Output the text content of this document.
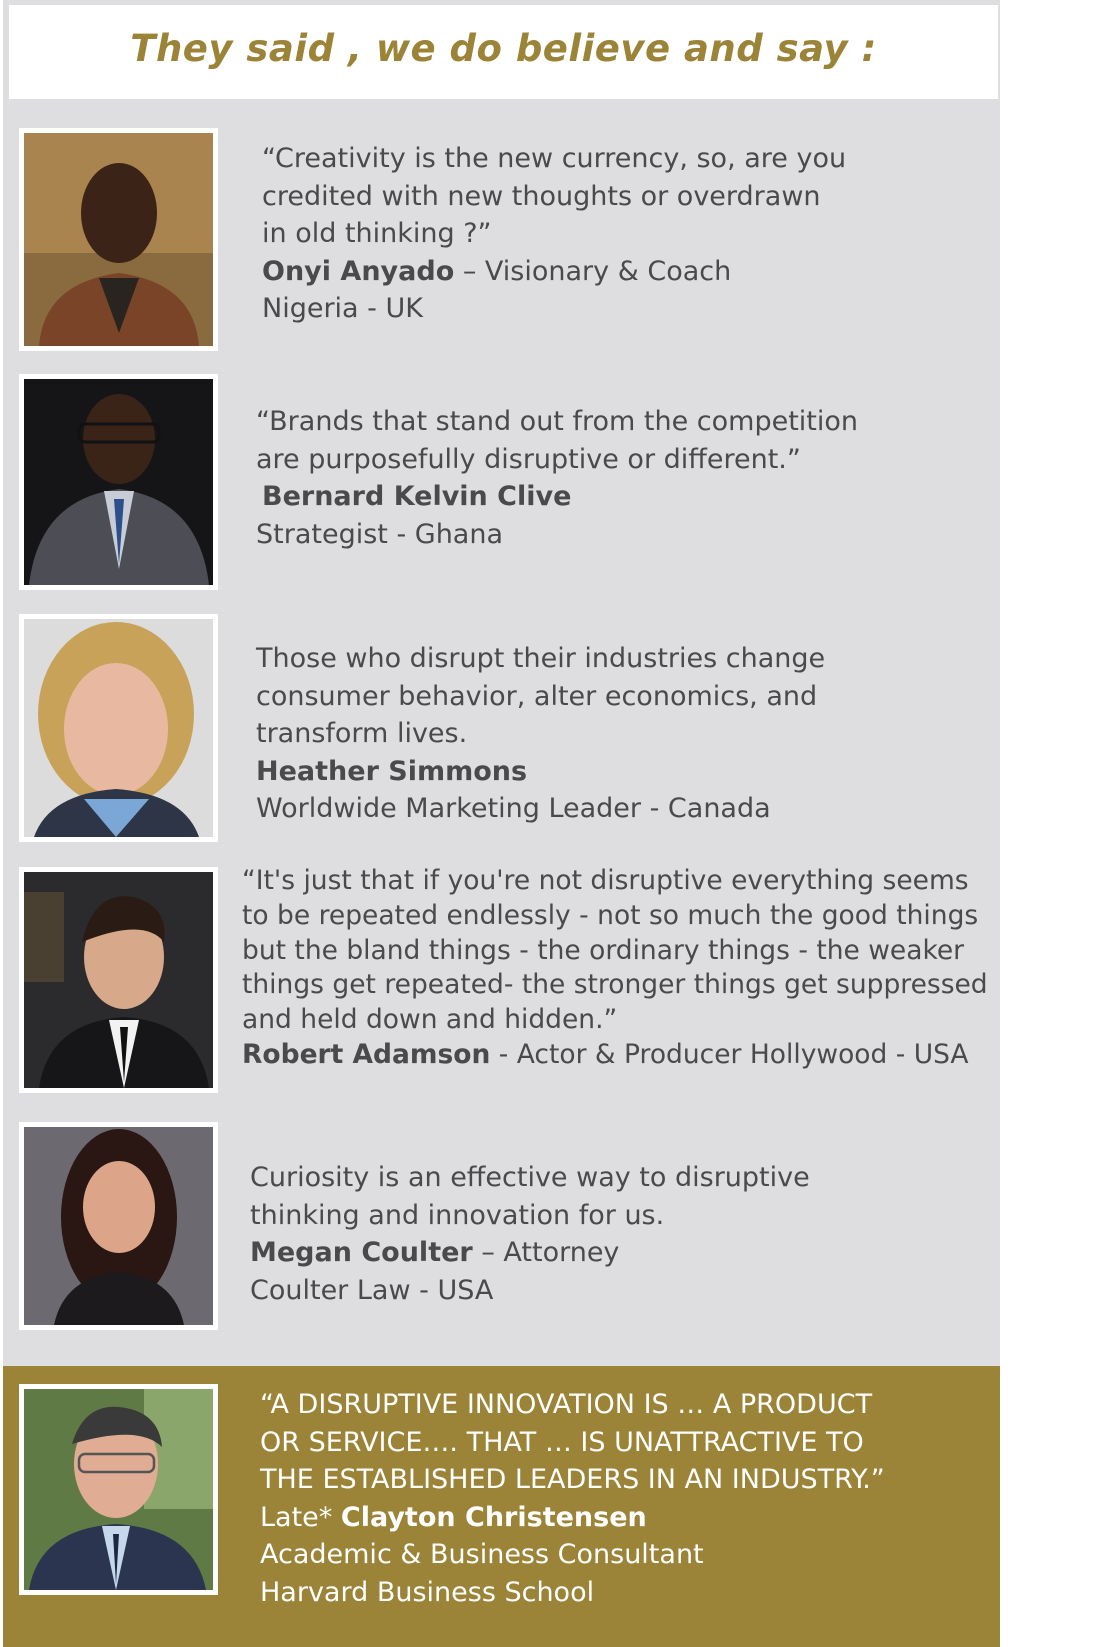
They said , we do believe and say :
“Creativity is the new currency, so, are you
credited with new thoughts or overdrawn
in old thinking ?”
Onyi Anyado – Visionary & Coach
Nigeria - UK
“Brands that stand out from the competition
are purposefully disruptive or different.”
Bernard Kelvin Clive
Strategist - Ghana
Those who disrupt their industries change
consumer behavior, alter economics, and
transform lives.
Heather Simmons
Worldwide Marketing Leader - Canada
“It's just that if you're not disruptive everything seems
to be repeated endlessly - not so much the good things
but the bland things - the ordinary things - the weaker
things get repeated- the stronger things get suppressed
and held down and hidden.”
Robert Adamson - Actor & Producer Hollywood - USA
Curiosity is an effective way to disruptive
thinking and innovation for us.
Megan Coulter – Attorney
Coulter Law - USA
“A DISRUPTIVE INNOVATION IS … A PRODUCT
OR SERVICE…. THAT … IS UNATTRACTIVE TO
THE ESTABLISHED LEADERS IN AN INDUSTRY.”
Late* Clayton Christensen
Academic & Business Consultant
Harvard Business School
